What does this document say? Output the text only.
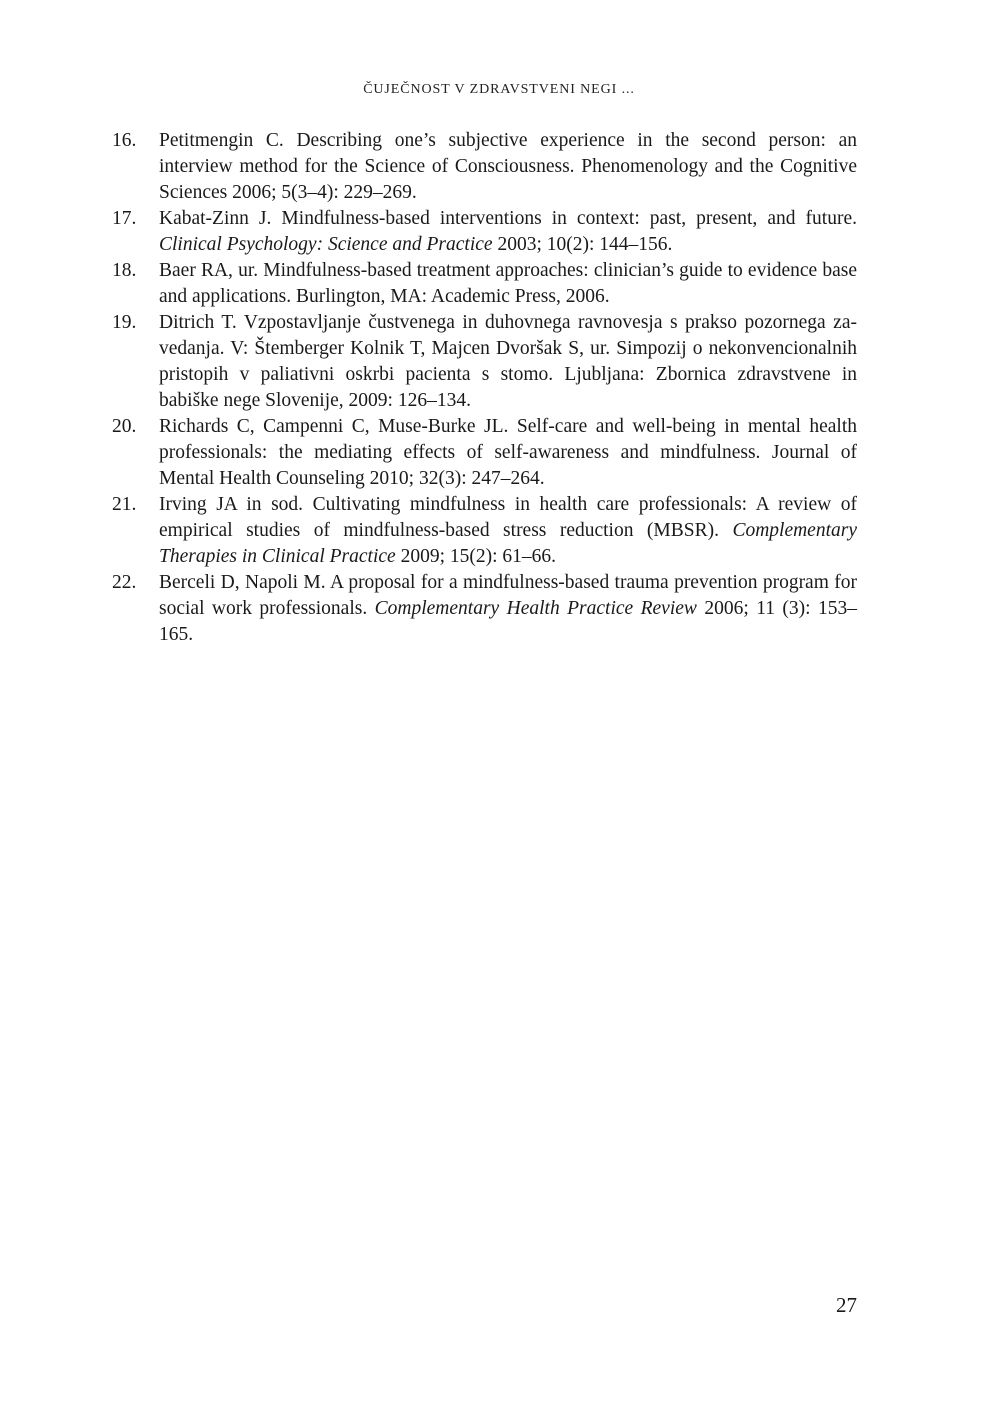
ČUJEČNOST V ZDRAVSTVENI NEGI ...
16.	Petitmengin C. Describing one’s subjective experience in the second person: an interview method for the Science of Consciousness. Phenomenology and the Cognitive Sciences 2006; 5(3–4): 229–269.
17.	Kabat-Zinn J. Mindfulness-based interventions in context: past, present, and future. Clinical Psychology: Science and Practice 2003; 10(2): 144–156.
18.	Baer RA, ur. Mindfulness-based treatment approaches: clinician’s guide to evidence base and applications. Burlington, MA: Academic Press, 2006.
19.	Ditrich T. Vzpostavljanje čustvenega in duhovnega ravnovesja s prakso pozornega zavedanja. V: Štemberger Kolnik T, Majcen Dvoršak S, ur. Simpozij o nekonvencionalnih pristopih v paliativni oskrbi pacienta s stomo. Ljubljana: Zbornica zdravstvene in babiške nege Slovenije, 2009: 126–134.
20.	Richards C, Campenni C, Muse-Burke JL. Self-care and well-being in mental health professionals: the mediating effects of self-awareness and mindfulness. Journal of Mental Health Counseling 2010; 32(3): 247–264.
21.	Irving JA in sod. Cultivating mindfulness in health care professionals: A review of empirical studies of mindfulness-based stress reduction (MBSR). Complementary Therapies in Clinical Practice 2009; 15(2): 61–66.
22.	Berceli D, Napoli M. A proposal for a mindfulness-based trauma prevention program for social work professionals. Complementary Health Practice Review 2006; 11 (3): 153–165.
27
